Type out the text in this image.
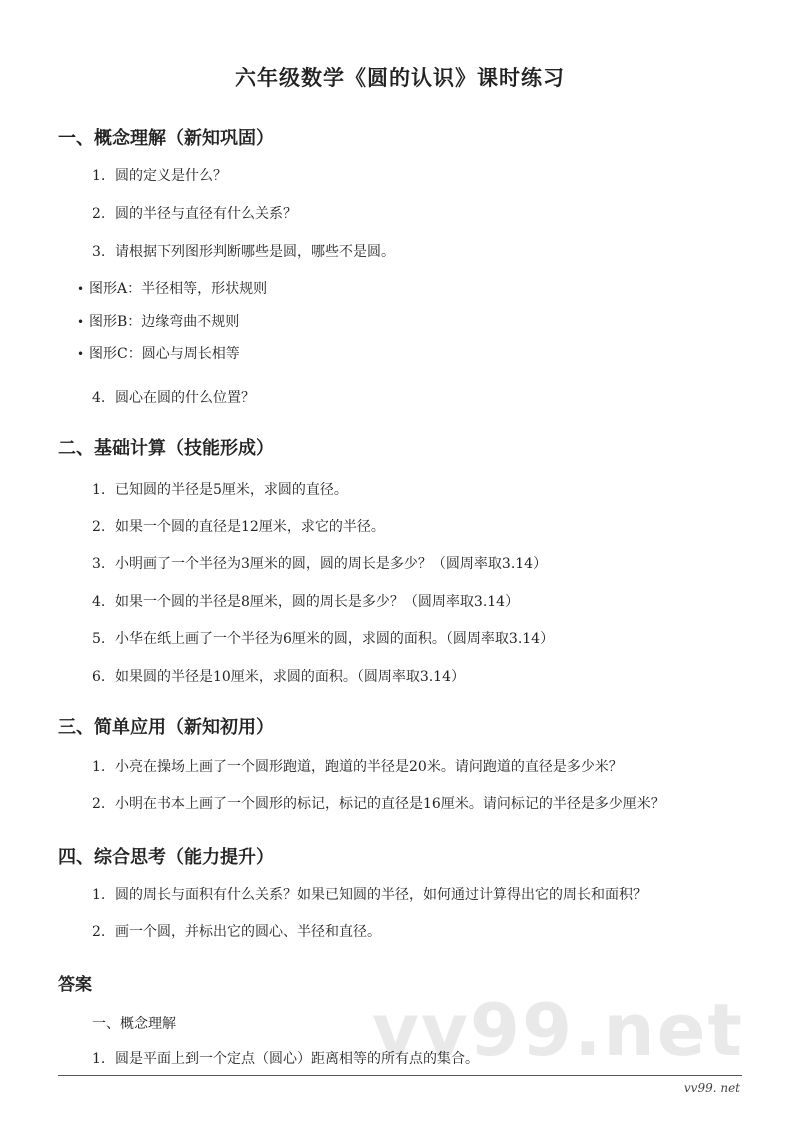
六年级数学《圆的认识》课时练习
一、概念理解（新知巩固）
1. 圆的定义是什么？
2. 圆的半径与直径有什么关系？
3. 请根据下列图形判断哪些是圆，哪些不是圆。
• 图形A：半径相等，形状规则
• 图形B：边缘弯曲不规则
• 图形C：圆心与周长相等
4. 圆心在圆的什么位置？
二、基础计算（技能形成）
1. 已知圆的半径是5厘米，求圆的直径。
2. 如果一个圆的直径是12厘米，求它的半径。
3. 小明画了一个半径为3厘米的圆，圆的周长是多少？（圆周率取3.14）
4. 如果一个圆的半径是8厘米，圆的周长是多少？（圆周率取3.14）
5. 小华在纸上画了一个半径为6厘米的圆，求圆的面积。（圆周率取3.14）
6. 如果圆的半径是10厘米，求圆的面积。（圆周率取3.14）
三、简单应用（新知初用）
1. 小亮在操场上画了一个圆形跑道，跑道的半径是20米。请问跑道的直径是多少米？
2. 小明在书本上画了一个圆形的标记，标记的直径是16厘米。请问标记的半径是多少厘米？
四、综合思考（能力提升）
1. 圆的周长与面积有什么关系？如果已知圆的半径，如何通过计算得出它的周长和面积？
2. 画一个圆，并标出它的圆心、半径和直径。
vv99.net
答案
一、概念理解
1. 圆是平面上到一个定点（圆心）距离相等的所有点的集合。
vv99. net
